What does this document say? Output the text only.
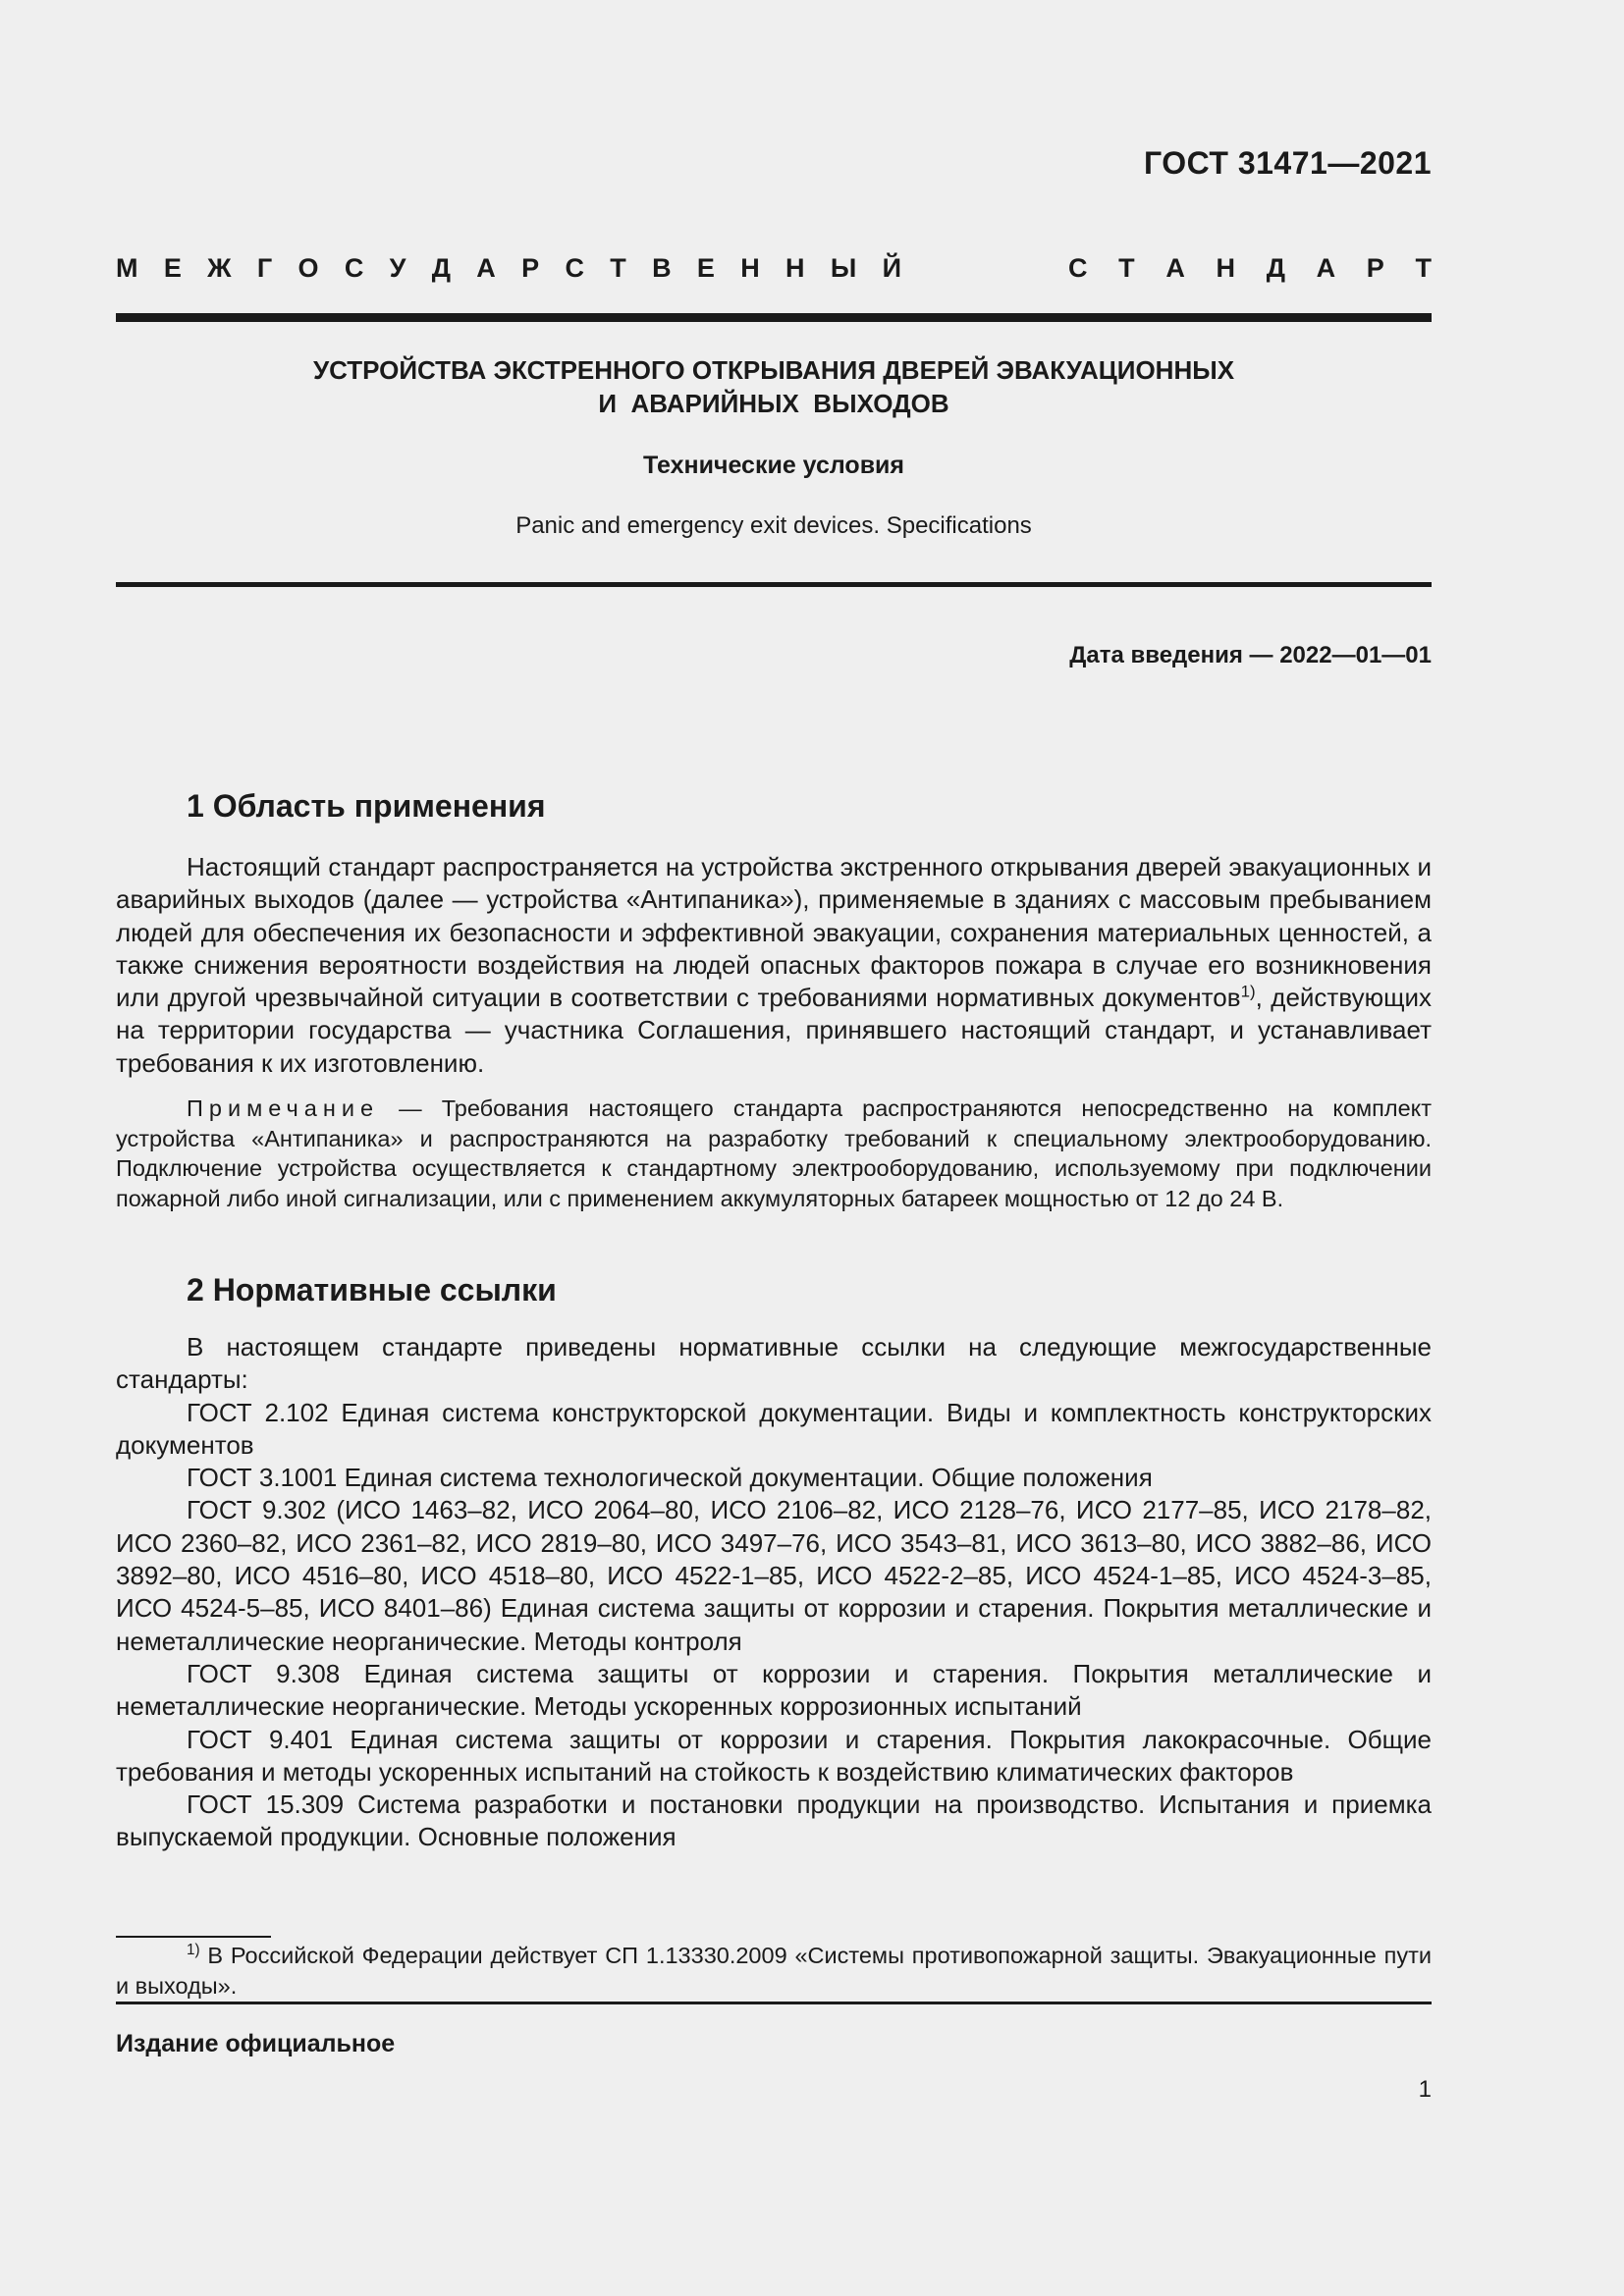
ГОСТ 31471—2021
М Е Ж Г О С У Д А Р С Т В Е Н Н Ы Й	С Т А Н Д А Р Т
УСТРОЙСТВА ЭКСТРЕННОГО ОТКРЫВАНИЯ ДВЕРЕЙ ЭВАКУАЦИОННЫХ
И  АВАРИЙНЫХ  ВЫХОДОВ
Технические условия
Panic and emergency exit devices. Specifications
Дата введения — 2022—01—01
1 Область применения
Настоящий стандарт распространяется на устройства экстренного открывания дверей эвакуационных и аварийных выходов (далее — устройства «Антипаника»), применяемые в зданиях с массовым пребыванием людей для обеспечения их безопасности и эффективной эвакуации, сохранения материальных ценностей, а также снижения вероятности воздействия на людей опасных факторов пожара в случае его возникновения или другой чрезвычайной ситуации в соответствии с требованиями нормативных документов$^{1)}$, действующих на территории государства — участника Соглашения, принявшего настоящий стандарт, и устанавливает требования к их изготовлению.
Примечание — Требования настоящего стандарта распространяются непосредственно на комплект устройства «Антипаника» и распространяются на разработку требований к специальному электрооборудованию. Подключение устройства осуществляется к стандартному электрооборудованию, используемому при подключении пожарной либо иной сигнализации, или с применением аккумуляторных батареек мощностью от 12 до 24 В.
2 Нормативные ссылки
В настоящем стандарте приведены нормативные ссылки на следующие межгосударственные стандарты:
ГОСТ 2.102 Единая система конструкторской документации. Виды и комплектность конструкторских документов
ГОСТ 3.1001 Единая система технологической документации. Общие положения
ГОСТ 9.302 (ИСО 1463–82, ИСО 2064–80, ИСО 2106–82, ИСО 2128–76, ИСО 2177–85, ИСО 2178–82, ИСО 2360–82, ИСО 2361–82, ИСО 2819–80, ИСО 3497–76, ИСО 3543–81, ИСО 3613–80, ИСО 3882–86, ИСО 3892–80, ИСО 4516–80, ИСО 4518–80, ИСО 4522-1–85, ИСО 4522-2–85, ИСО 4524-1–85, ИСО 4524-3–85, ИСО 4524-5–85, ИСО 8401–86) Единая система защиты от коррозии и старения. Покрытия металлические и неметаллические неорганические. Методы контроля
ГОСТ 9.308 Единая система защиты от коррозии и старения. Покрытия металлические и неметаллические неорганические. Методы ускоренных коррозионных испытаний
ГОСТ 9.401 Единая система защиты от коррозии и старения. Покрытия лакокрасочные. Общие требования и методы ускоренных испытаний на стойкость к воздействию климатических факторов
ГОСТ 15.309 Система разработки и постановки продукции на производство. Испытания и приемка выпускаемой продукции. Основные положения
$^{1)}$ В Российской Федерации действует СП 1.13330.2009 «Системы противопожарной защиты. Эвакуационные пути и выходы».
Издание официальное
1
